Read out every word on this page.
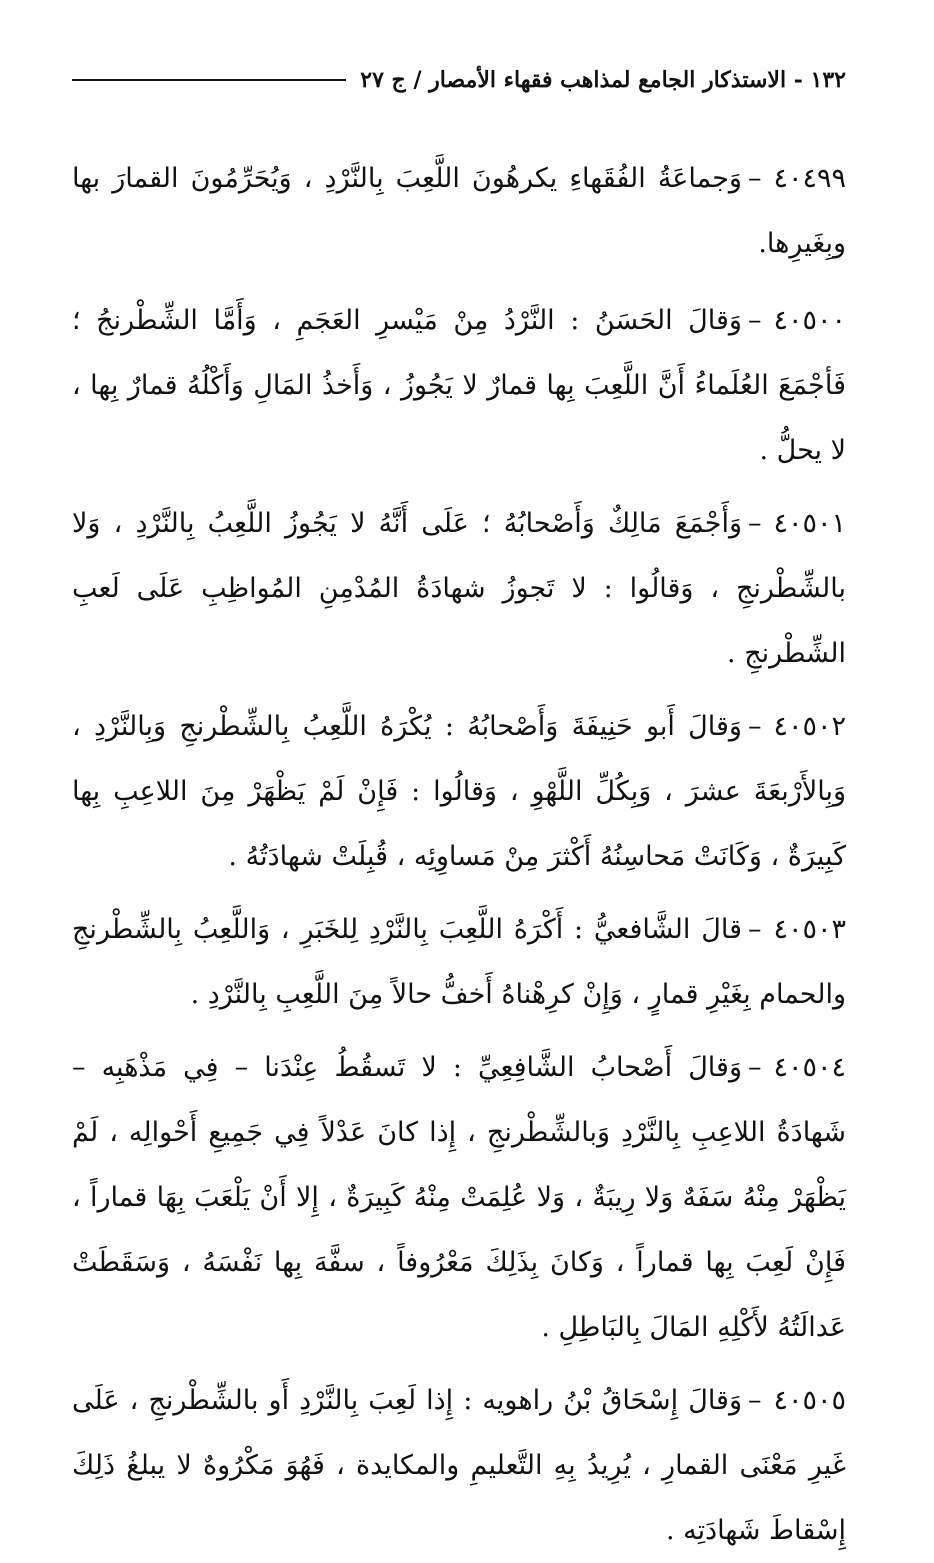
١٣٢ - الاستذكار الجامع لمذاهب فقهاء الأمصار / ج ٢٧

٤٠٤٩٩–وَجماعَةُ الفُقَهاءِ يكرهُونَ اللَّعِبَ بِالنَّرْدِ ، وَيُحَرِّمُونَ القمارَ بها وبِغَيرِها.

٤٠٥٠٠–وَقالَ الحَسَنُ : النَّرْدُ مِنْ مَيْسرِ العَجَمِ ، وَأَمَّا الشِّطْرنجُ ؛ فَأجْمَعَ العُلَماءُ أَنَّ اللَّعِبَ بِها قمارٌ لا يَجُوزُ ، وَأَخذُ المَالِ وَأَكْلُهُ قمارٌ بِها ، لا يحلُّ .

٤٠٥٠١–وَأَجْمَعَ مَالِكٌ وَأَصْحابُهُ ؛ عَلَى أَنَّهُ لا يَجُوزُ اللَّعِبُ بِالنَّرْدِ ، وَلا بالشِّطْرنجِ ، وَقالُوا : لا تَجوزُ شهادَةُ المُدْمِنِ المُواظِبِ عَلَى لَعبِ الشِّطْرنجِ .

٤٠٥٠٢–وَقالَ أَبو حَنِيفَةَ وَأَصْحابُهُ : يُكْرَهُ اللَّعِبُ بِالشِّطْرنجِ وَبِالنَّرْدِ ، وَبِالأَرْبعَةَ عشرَ ، وَبِكُلِّ اللَّهْوِ ، وَقالُوا : فَإِنْ لَمْ يَظْهَرْ مِنَ اللاعِبِ بِها كَبِيرَةٌ ، وَكَانَتْ مَحاسِنُهُ أَكْثرَ مِنْ مَساوِئِه ، قُبِلَتْ شهادَتُهُ .

٤٠٥٠٣–قالَ الشَّافعيُّ : أَكْرَهُ اللَّعِبَ بِالنَّرْدِ لِلخَبَرِ ، وَاللَّعِبُ بِالشِّطْرنجِ والحمام بِغَيْرِ قمارٍ ، وَإِنْ كرِهْناهُ أَخفُّ حالاً مِنَ اللَّعِبِ بِالنَّرْدِ .

٤٠٥٠٤–وَقالَ أَصْحابُ الشَّافِعِيِّ : لا تَسقُطُ عِنْدَنا – فِي مَذْهَبِه – شَهادَةُ اللاعِبِ بِالنَّرْدِ وَبالشِّطْرنجِ ، إِذا كانَ عَدْلاً فِي جَمِيعِ أَحْوالِه ، لَمْ يَظْهَرْ مِنْهُ سَفَهٌ وَلا رِيبَةٌ ، وَلا عُلِمَتْ مِنْهُ كَبِيرَةٌ ، إِلا أَنْ يَلْعَبَ بِهَا قماراً ، فَإِنْ لَعِبَ بِها قماراً ، وَكانَ بِذَلِكَ مَعْرُوفاً ، سفَّهَ بِها نَفْسَهُ ، وَسَقَطَتْ عَدالَتُهُ لأَكْلِهِ المَالَ بِالبَاطِلِ .

٤٠٥٠٥–وَقالَ إِسْحَاقُ بْنُ راهويه : إِذا لَعِبَ بِالنَّرْدِ أَو بالشِّطْرنجِ ، عَلَى غَيرِ مَعْنَى القمارِ ، يُرِيدُ بِهِ التَّعليمِ والمكايدة ، فَهُوَ مَكْرُوهٌ لا يبلغُ ذَلِكَ إِسْقاطَ شَهادَتِه .
